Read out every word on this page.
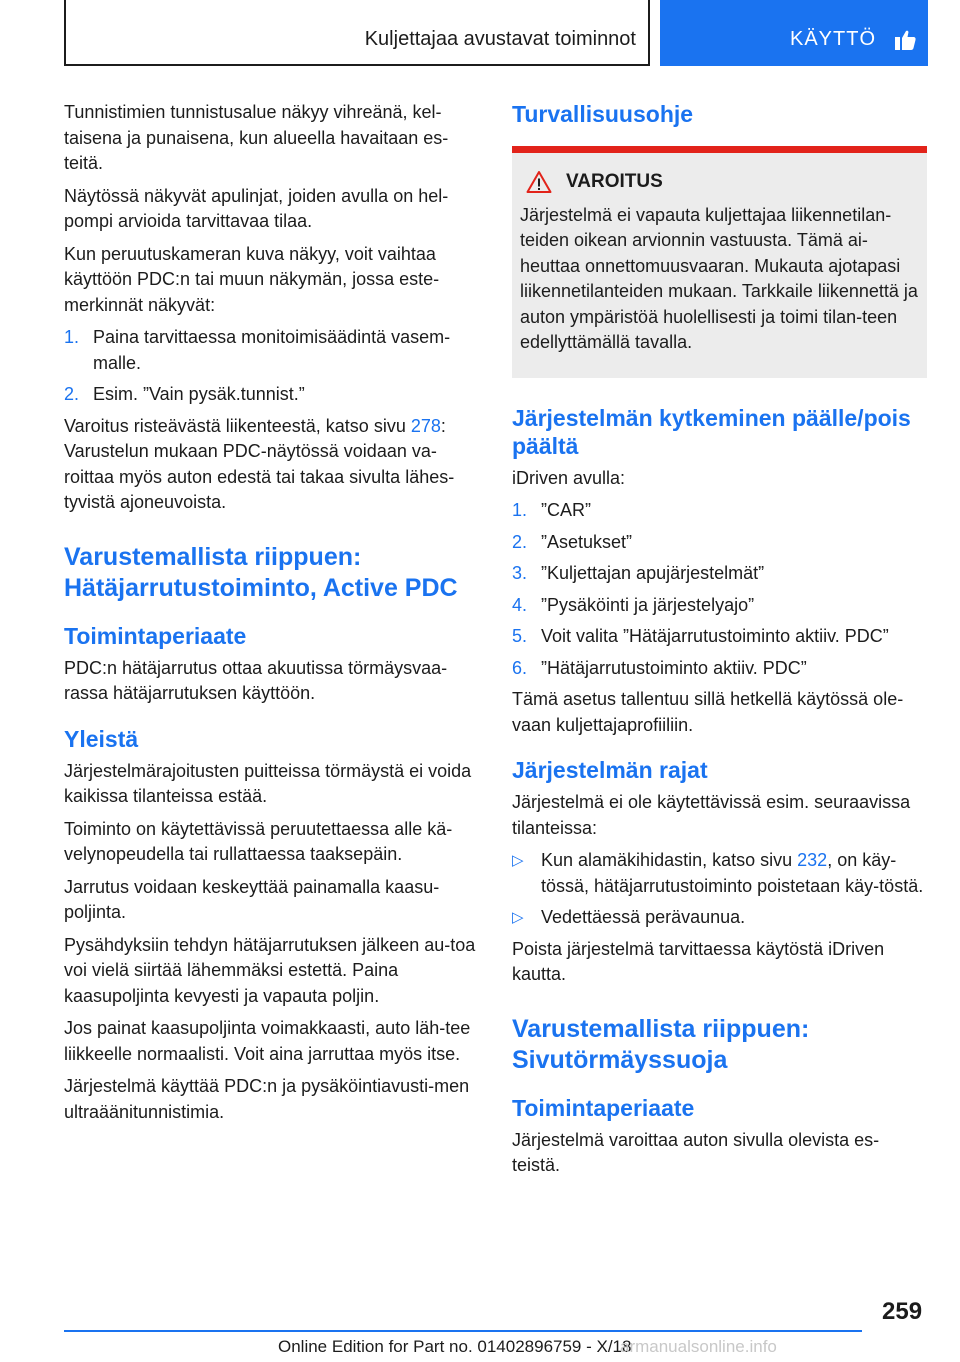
Kuljettajaa avustavat toiminnot	KÄYTTÖ

Tunnistimien tunnistusalue näkyy vihreänä, kel-taisena ja punaisena, kun alueella havaitaan es-teitä.

Näytössä näkyvät apulinjat, joiden avulla on hel-pompi arvioida tarvittavaa tilaa.

Kun peruutuskameran kuva näkyy, voit vaihtaa käyttöön PDC:n tai muun näkymän, jossa este-merkinnät näkyvät:

1. Paina tarvittaessa monitoimisäädintä vasem-malle.
2. Esim. ”Vain pysäk.tunnist.”

Varoitus risteävästä liikenteestä, katso sivu 278: Varustelun mukaan PDC-näytössä voidaan va-roittaa myös auton edestä tai takaa sivulta lähes-tyvistä ajoneuvoista.

Varustemallista riippuen: Hätäjarrutustoiminto, Active PDC
Toimintaperiaate

PDC:n hätäjarrutus ottaa akuutissa törmäysvaa-rassa hätäjarrutuksen käyttöön.

Yleistä

Järjestelmärajoitusten puitteissa törmäystä ei voida kaikissa tilanteissa estää.

Toiminto on käytettävissä peruutettaessa alle kä-velynopeudella tai rullattaessa taaksepäin.

Jarrutus voidaan keskeyttää painamalla kaasu-poljinta.

Pysähdyksiin tehdyn hätäjarrutuksen jälkeen au-toa voi vielä siirtää lähemmäksi estettä. Paina kaasupoljinta kevyesti ja vapauta poljin.

Jos painat kaasupoljinta voimakkaasti, auto läh-tee liikkeelle normaalisti. Voit aina jarruttaa myös itse.

Järjestelmä käyttää PDC:n ja pysäköintiavusti-men ultraäänitunnistimia.

Turvallisuusohje
VAROITUS

Järjestelmä ei vapauta kuljettajaa liikennetilan-teiden oikean arvionnin vastuusta. Tämä ai-heuttaa onnettomuusvaaran. Mukauta ajotapasi liikennetilanteiden mukaan. Tarkkaile liikennettä ja auton ympäristöä huolellisesti ja toimi tilan-teen edellyttämällä tavalla.

Järjestelmän kytkeminen päälle/pois päältä

iDriven avulla:

1. ”CAR”
2. ”Asetukset”
3. ”Kuljettajan apujärjestelmät”
4. ”Pysäköinti ja järjestelyajo”
5. Voit valita ”Hätäjarrutustoiminto aktiiv. PDC”
6. ”Hätäjarrutustoiminto aktiiv. PDC”

Tämä asetus tallentuu sillä hetkellä käytössä ole-vaan kuljettajaprofiiliin.

Järjestelmän rajat

Järjestelmä ei ole käytettävissä esim. seuraavissa tilanteissa:

▷ Kun alamäkihidastin, katso sivu 232, on käy-tössä, hätäjarrutustoiminto poistetaan käy-töstä.
▷ Vedettäessä perävaunua.

Poista järjestelmä tarvittaessa käytöstä iDriven kautta.

Varustemallista riippuen: Sivutörmäyssuoja
Toimintaperiaate

Järjestelmä varoittaa auton sivulla olevista es-teistä.

259
Online Edition for Part no. 01402896759 - X/18
armanualsonline.info
